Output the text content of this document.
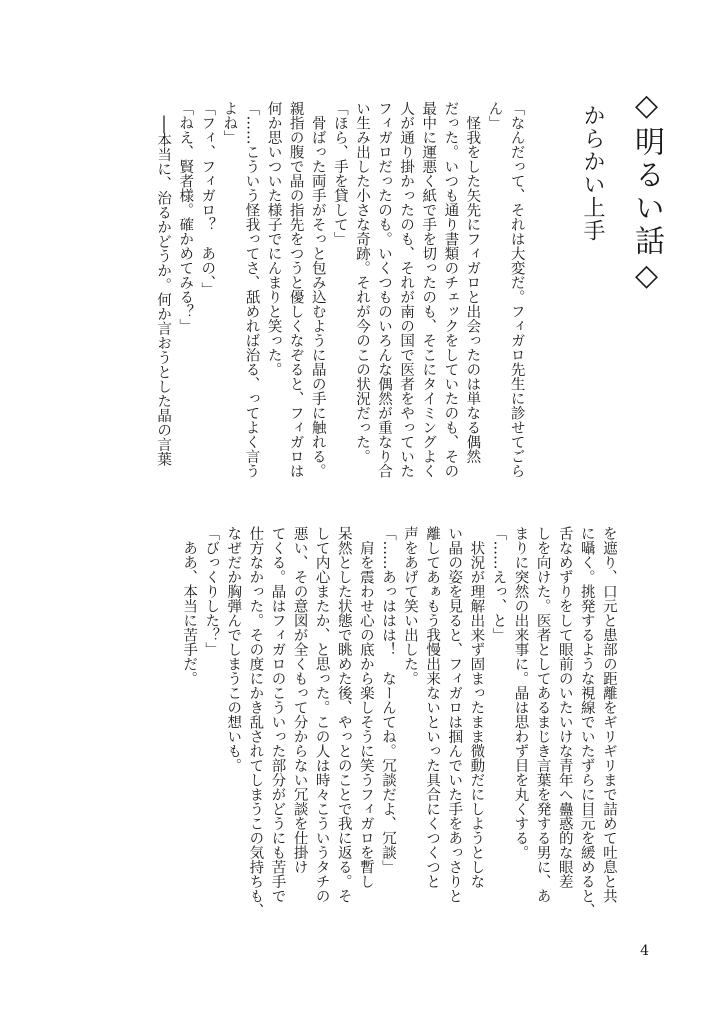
◇明るい話◇
からかい上手

「なんだって、それは大変だ。フィガロ先生に診せてごら

ん」

　怪我をした矢先にフィガロと出会ったのは単なる偶然

だった。いつも通り書類のチェックをしていたのも、その

最中に運悪く紙で手を切ったのも、そこにタイミングよく

人が通り掛かったのも、それが南の国で医者をやっていた

フィガロだったのも。いくつものいろんな偶然が重なり合

い生み出した小さな奇跡。それが今のこの状況だった。

「ほら、手を貸して」

　骨ばった両手がそっと包み込むように晶の手に触れる。

親指の腹で晶の指先をつうと優しくなぞると、フィガロは

何か思いついた様子でにんまりと笑った。

「……こういう怪我ってさ、舐めれば治る、ってよく言う

よね」

「フィ、フィガロ？　あの、」

「ねえ、賢者様。確かめてみる？」

　──本当に、治るかどうか。何か言おうとした晶の言葉

を遮り、口元と患部の距離をギリギリまで詰めて吐息と共

に囁く。挑発するような視線でいたずらに目元を緩めると、

舌なめずりをして眼前のいたいけな青年へ蠱惑的な眼差

しを向けた。医者としてあるまじき言葉を発する男に、あ

まりに突然の出来事に。晶は思わず目を丸くする。

「……えっ、と」

　状況が理解出来ず固まったまま微動だにしようとしな

い晶の姿を見ると、フィガロは掴んでいた手をあっさりと

離してあぁもう我慢出来ないといった具合にくつくつと

声をあげて笑い出した。

「……あっははは！　なーんてね。冗談だよ、冗談」

　肩を震わせ心の底から楽しそうに笑うフィガロを暫し

呆然とした状態で眺めた後、やっとのことで我に返る。そ

して内心またか、と思った。この人は時々こういうタチの

悪い、その意図が全くもって分からない冗談を仕掛け

てくる。晶はフィガロのこういった部分がどうにも苦手で

仕方なかった。その度にかき乱されてしまうこの気持ちも、

なぜだか胸弾んでしまうこの想いも。

「びっくりした？」

　ああ、本当に苦手だ。

4
